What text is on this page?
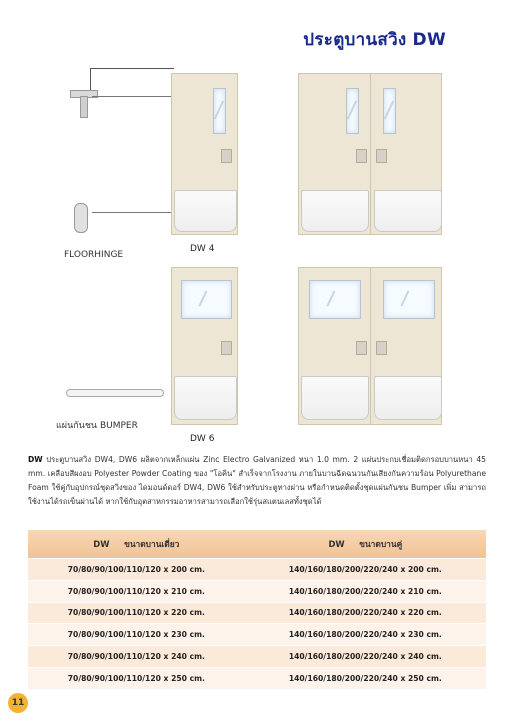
ประตูบานสวิง DW
FLOORHINGE
แผ่นกันชน BUMPER
DW 4
DW 6
DW ประตูบานสวิง DW4, DW6 ผลิตจากเหล็กแผ่น Zinc Electro Galvanized หนา 1.0 mm. 2 แผ่นประกบเชื่อมติดกรอบบานหนา 45 mm. เคลือบสีผงอบ Polyester Powder Coating ของ "โอคิน" สำเร็จจากโรงงาน ภายในบานฉีดฉนวนกันเสียงกันความร้อน Polyurethane Foam ใช้คู่กับอุปกรณ์ชุดสวิงของ ไดมอนด์ดอร์ DW4, DW6 ใช้สำหรับประตูทางผ่าน หรือกำหนดติดตั้งชุดแผ่นกันชน Bumper เพิ่ม สามารถใช้งานได้รถเข็นผ่านได้ หากใช้กับอุตสาหกรรมอาหารสามารถเลือกใช้รุ่นสแตนเลสทั้งชุดได้
DW ขนาดบานเดี่ยว	DW ขนาดบานคู่
70/80/90/100/110/120 x 200 cm.	140/160/180/200/220/240 x 200 cm.
70/80/90/100/110/120 x 210 cm.	140/160/180/200/220/240 x 210 cm.
70/80/90/100/110/120 x 220 cm.	140/160/180/200/220/240 x 220 cm.
70/80/90/100/110/120 x 230 cm.	140/160/180/200/220/240 x 230 cm.
70/80/90/100/110/120 x 240 cm.	140/160/180/200/220/240 x 240 cm.
70/80/90/100/110/120 x 250 cm.	140/160/180/200/220/240 x 250 cm.
11
